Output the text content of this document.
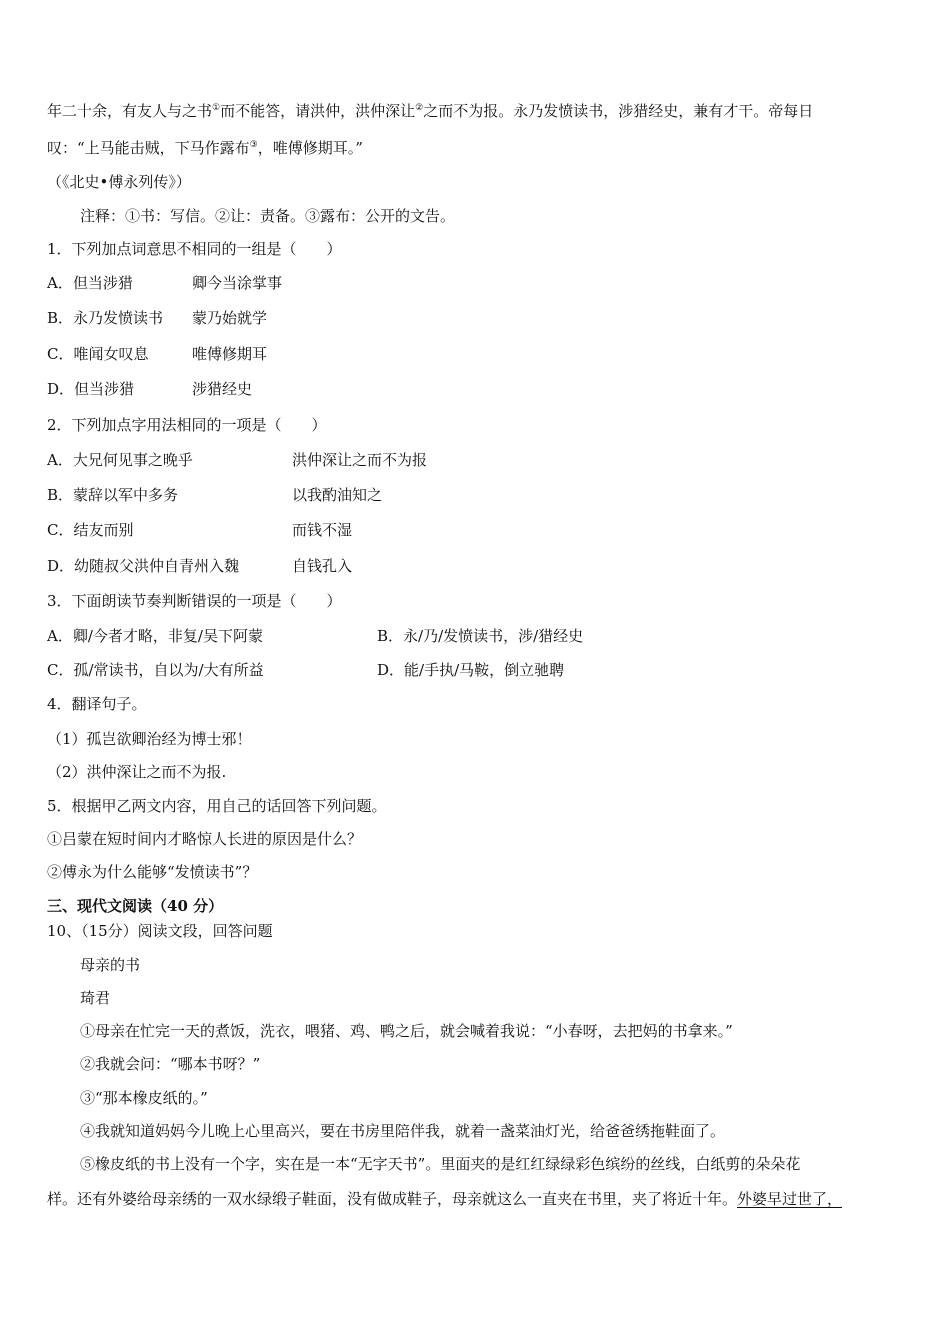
年二十余，有友人与之书①而不能答，请洪仲，洪仲深让②之而不为报。永乃发愤读书，涉猎经史，兼有才干。帝每日
叹：“上马能击贼，下马作露布③，唯傅修期耳。”
（《北史•傅永列传》）
注释：①书：写信。②让：责备。③露布：公开的文告。
1．下列加点词意思不相同的一组是（　　）
A．但当涉猎	卿今当涂掌事
B．永乃发愤读书 蒙乃始就学
C．唯闻女叹息	唯傅修期耳
D．但当涉猎	涉猎经史
2．下列加点字用法相同的一项是（　　）
A．大兄何见事之晚乎	洪仲深让之而不为报
B．蒙辞以军中多务	以我酌油知之
C．结友而别	而钱不湿
D．幼随叔父洪仲自青州入魏	自钱孔入
3．下面朗读节奏判断错误的一项是（　　）
A．卿/今者才略，非复/吴下阿蒙	B．永/乃/发愤读书，涉/猎经史
C．孤/常读书，自以为/大有所益	D．能/手执/马鞍，倒立驰聘
4．翻译句子。
（1）孤岂欲卿治经为博士邪！
（2）洪仲深让之而不为报.
5．根据甲乙两文内容，用自己的话回答下列问题。
①吕蒙在短时间内才略惊人长进的原因是什么？
②傅永为什么能够“发愤读书”？
三、现代文阅读（40 分）
10、（15分）阅读文段，回答问题
母亲的书
琦君
①母亲在忙完一天的煮饭，洗衣，喂猪、鸡、鸭之后，就会喊着我说：“小春呀，去把妈的书拿来。”
②我就会问：“哪本书呀？”
③“那本橡皮纸的。”
④我就知道妈妈今儿晚上心里高兴，要在书房里陪伴我，就着一盏菜油灯光，给爸爸绣拖鞋面了。
⑤橡皮纸的书上没有一个字，实在是一本“无字天书”。里面夹的是红红绿绿彩色缤纷的丝线，白纸剪的朵朵花
样。还有外婆给母亲绣的一双水绿缎子鞋面，没有做成鞋子，母亲就这么一直夹在书里，夹了将近十年。外婆早过世了，
